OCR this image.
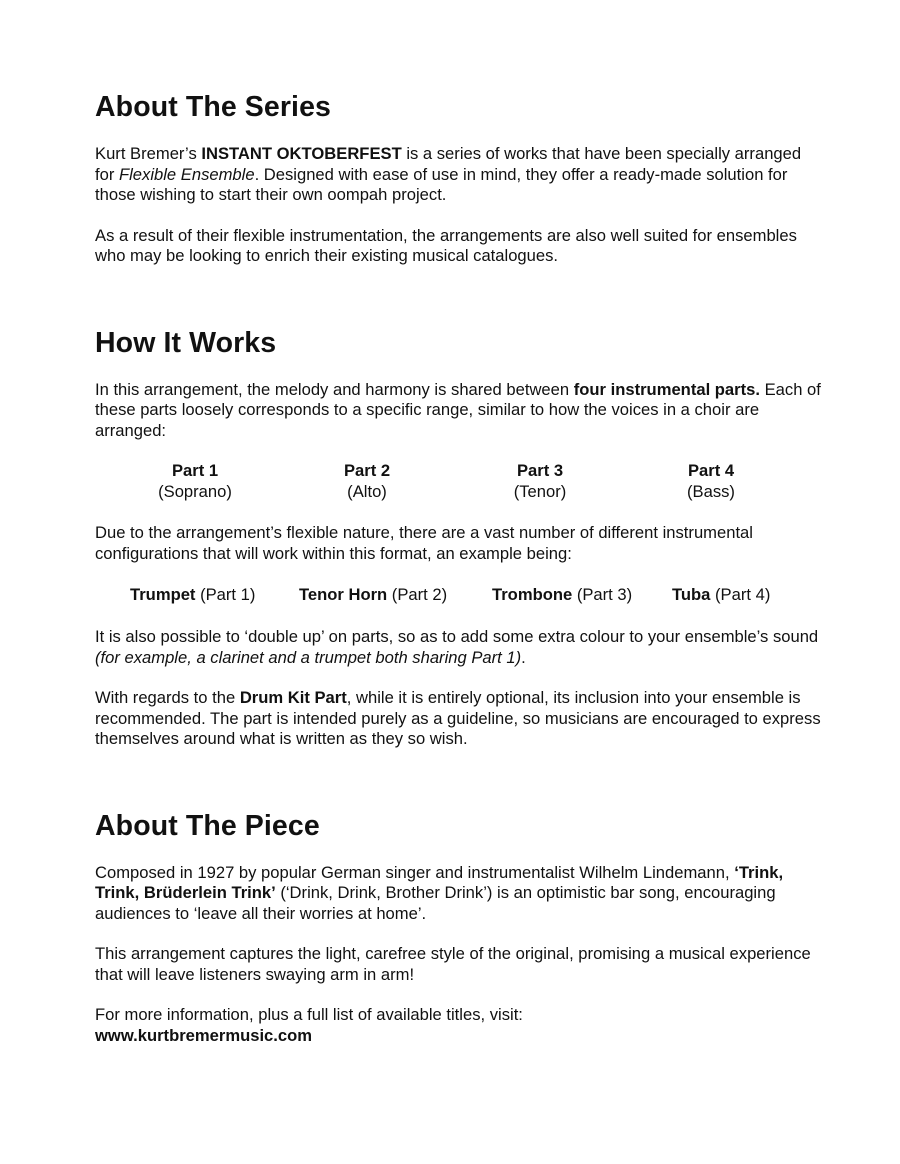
About The Series

Kurt Bremer’s INSTANT OKTOBERFEST is a series of works that have been specially arranged for Flexible Ensemble. Designed with ease of use in mind, they offer a ready-made solution for those wishing to start their own oompah project.

As a result of their flexible instrumentation, the arrangements are also well suited for ensembles who may be looking to enrich their existing musical catalogues.

How It Works

In this arrangement, the melody and harmony is shared between four instrumental parts. Each of these parts loosely corresponds to a specific range, similar to how the voices in a choir are arranged:

Part 1
(Soprano)
Part 2
(Alto)
Part 3
(Tenor)
Part 4
(Bass)

Due to the arrangement’s flexible nature, there are a vast number of different instrumental configurations that will work within this format, an example being:

Trumpet (Part 1)	Tenor Horn (Part 2)	Trombone (Part 3) Tuba (Part 4)

It is also possible to ‘double up’ on parts, so as to add some extra colour to your ensemble’s sound (for example, a clarinet and a trumpet both sharing Part 1).

With regards to the Drum Kit Part, while it is entirely optional, its inclusion into your ensemble is recommended. The part is intended purely as a guideline, so musicians are encouraged to express themselves around what is written as they so wish.

About The Piece

Composed in 1927 by popular German singer and instrumentalist Wilhelm Lindemann, ‘Trink, Trink, Brüderlein Trink’ (‘Drink, Drink, Brother Drink’) is an optimistic bar song, encouraging audiences to ‘leave all their worries at home’.

This arrangement captures the light, carefree style of the original, promising a musical experience that will leave listeners swaying arm in arm!

For more information, plus a full list of available titles, visit:
www.kurtbremermusic.com
